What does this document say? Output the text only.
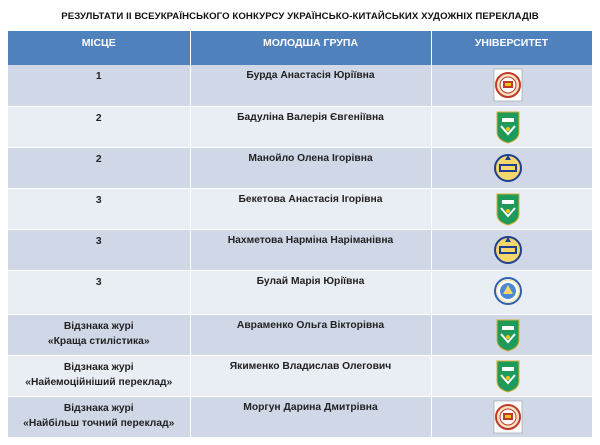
РЕЗУЛЬТАТИ ІІ ВСЕУКРАЇНСЬКОГО КОНКУРСУ УКРАЇНСЬКО-КИТАЙСЬКИХ ХУДОЖНІХ ПЕРЕКЛАДІВ
МІСЦЕ	МОЛОДША ГРУПА	УНІВЕРСИТЕТ

1	Бурда Анастасія Юріївна

2	Бадуліна Валерія Євгеніївна

2	Манойло Олена Ігорівна

3	Бекетова Анастасія Ігорівна

3	Нахметова Нарміна Наріманівна

3	Булай Марія Юріївна

Відзнака журі
«Краща стилістика»	Авраменко Ольга Вікторівна

Відзнака журі
«Найемоційніший переклад»	Якименко Владислав Олегович

Відзнака журі
«Найбільш точний переклад»	Моргун Дарина Дмитрівна
